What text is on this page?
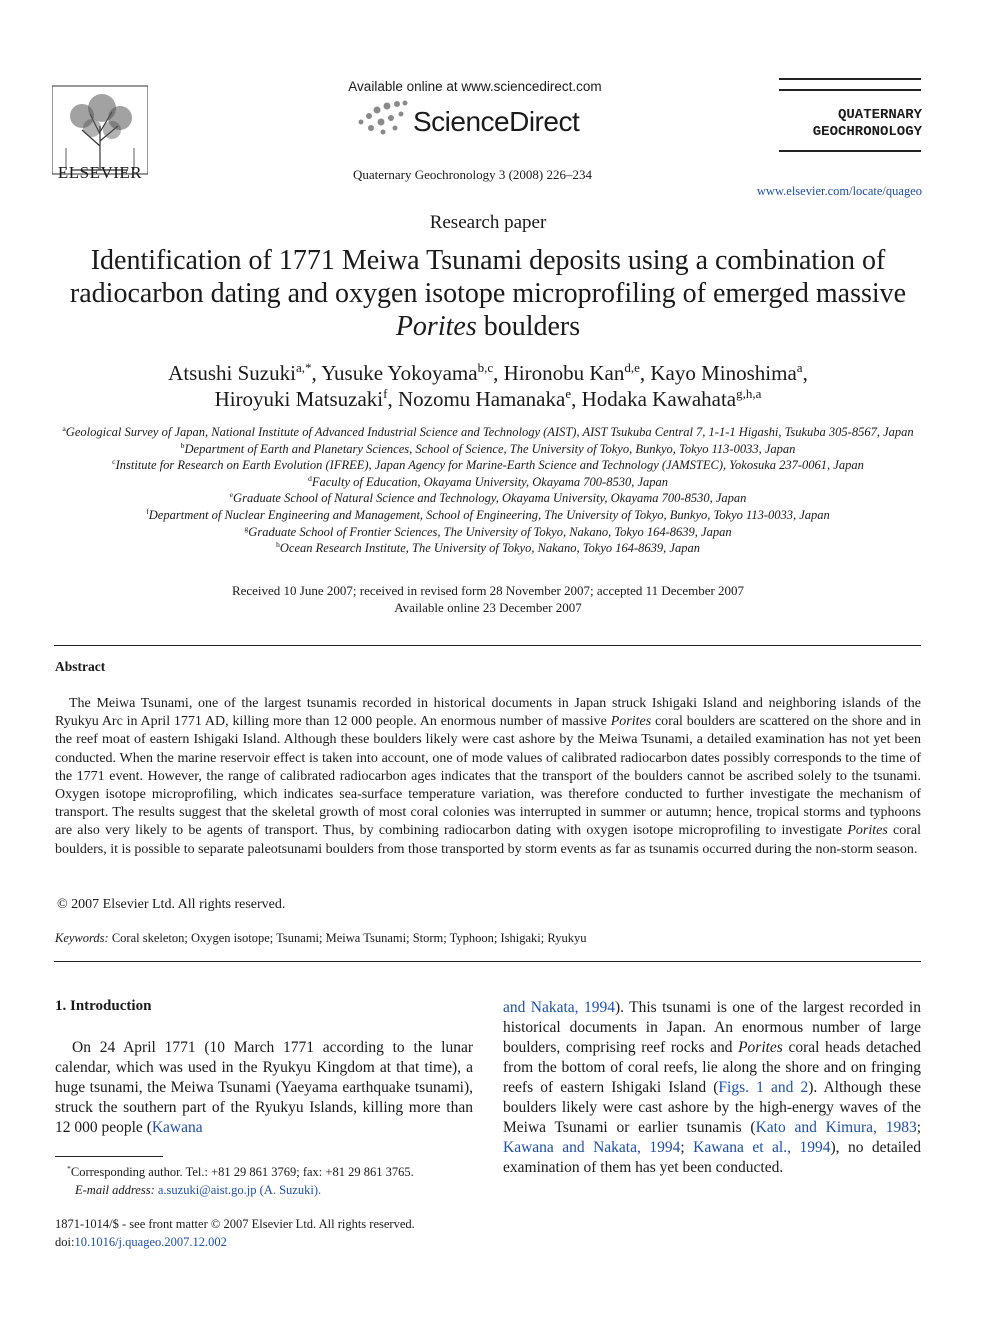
ELSEVIER
Available online at www.sciencedirect.com
ScienceDirect
Quaternary Geochronology 3 (2008) 226–234
QUATERNARY
GEOCHRONOLOGY
www.elsevier.com/locate/quageo
Research paper
Identification of 1771 Meiwa Tsunami deposits using a combination of radiocarbon dating and oxygen isotope microprofiling of emerged massive Porites boulders
Atsushi Suzuki$^{a,*}$, Yusuke Yokoyama$^{b,c}$, Hironobu Kan$^{d,e}$, Kayo Minoshima$^a$,
Hiroyuki Matsuzaki$^f$, Nozomu Hamanaka$^e$, Hodaka Kawahata$^{g,h,a}$
$^a$Geological Survey of Japan, National Institute of Advanced Industrial Science and Technology (AIST), AIST Tsukuba Central 7, 1-1-1 Higashi, Tsukuba 305-8567, Japan
$^b$Department of Earth and Planetary Sciences, School of Science, The University of Tokyo, Bunkyo, Tokyo 113-0033, Japan
$^c$Institute for Research on Earth Evolution (IFREE), Japan Agency for Marine-Earth Science and Technology (JAMSTEC), Yokosuka 237-0061, Japan
$^d$Faculty of Education, Okayama University, Okayama 700-8530, Japan
$^e$Graduate School of Natural Science and Technology, Okayama University, Okayama 700-8530, Japan
$^f$Department of Nuclear Engineering and Management, School of Engineering, The University of Tokyo, Bunkyo, Tokyo 113-0033, Japan
$^g$Graduate School of Frontier Sciences, The University of Tokyo, Nakano, Tokyo 164-8639, Japan
$^h$Ocean Research Institute, The University of Tokyo, Nakano, Tokyo 164-8639, Japan
Received 10 June 2007; received in revised form 28 November 2007; accepted 11 December 2007
Available online 23 December 2007
Abstract
The Meiwa Tsunami, one of the largest tsunamis recorded in historical documents in Japan struck Ishigaki Island and neighboring islands of the Ryukyu Arc in April 1771 AD, killing more than 12 000 people. An enormous number of massive Porites coral boulders are scattered on the shore and in the reef moat of eastern Ishigaki Island. Although these boulders likely were cast ashore by the Meiwa Tsunami, a detailed examination has not yet been conducted. When the marine reservoir effect is taken into account, one of mode values of calibrated radiocarbon dates possibly corresponds to the time of the 1771 event. However, the range of calibrated radiocarbon ages indicates that the transport of the boulders cannot be ascribed solely to the tsunami. Oxygen isotope microprofiling, which indicates sea-surface temperature variation, was therefore conducted to further investigate the mechanism of transport. The results suggest that the skeletal growth of most coral colonies was interrupted in summer or autumn; hence, tropical storms and typhoons are also very likely to be agents of transport. Thus, by combining radiocarbon dating with oxygen isotope microprofiling to investigate Porites coral boulders, it is possible to separate paleotsunami boulders from those transported by storm events as far as tsunamis occurred during the non-storm season.
© 2007 Elsevier Ltd. All rights reserved.
Keywords: Coral skeleton; Oxygen isotope; Tsunami; Meiwa Tsunami; Storm; Typhoon; Ishigaki; Ryukyu
1. Introduction
On 24 April 1771 (10 March 1771 according to the lunar calendar, which was used in the Ryukyu Kingdom at that time), a huge tsunami, the Meiwa Tsunami (Yaeyama earthquake tsunami), struck the southern part of the Ryukyu Islands, killing more than 12 000 people (Kawana
and Nakata, 1994). This tsunami is one of the largest recorded in historical documents in Japan. An enormous number of large boulders, comprising reef rocks and Porites coral heads detached from the bottom of coral reefs, lie along the shore and on fringing reefs of eastern Ishigaki Island (Figs. 1 and 2). Although these boulders likely were cast ashore by the high-energy waves of the Meiwa Tsunami or earlier tsunamis (Kato and Kimura, 1983; Kawana and Nakata, 1994; Kawana et al., 1994), no detailed examination of them has yet been conducted.
*Corresponding author. Tel.: +81 29 861 3769; fax: +81 29 861 3765.
E-mail address: a.suzuki@aist.go.jp (A. Suzuki).
1871-1014/$ - see front matter © 2007 Elsevier Ltd. All rights reserved.
doi:10.1016/j.quageo.2007.12.002
